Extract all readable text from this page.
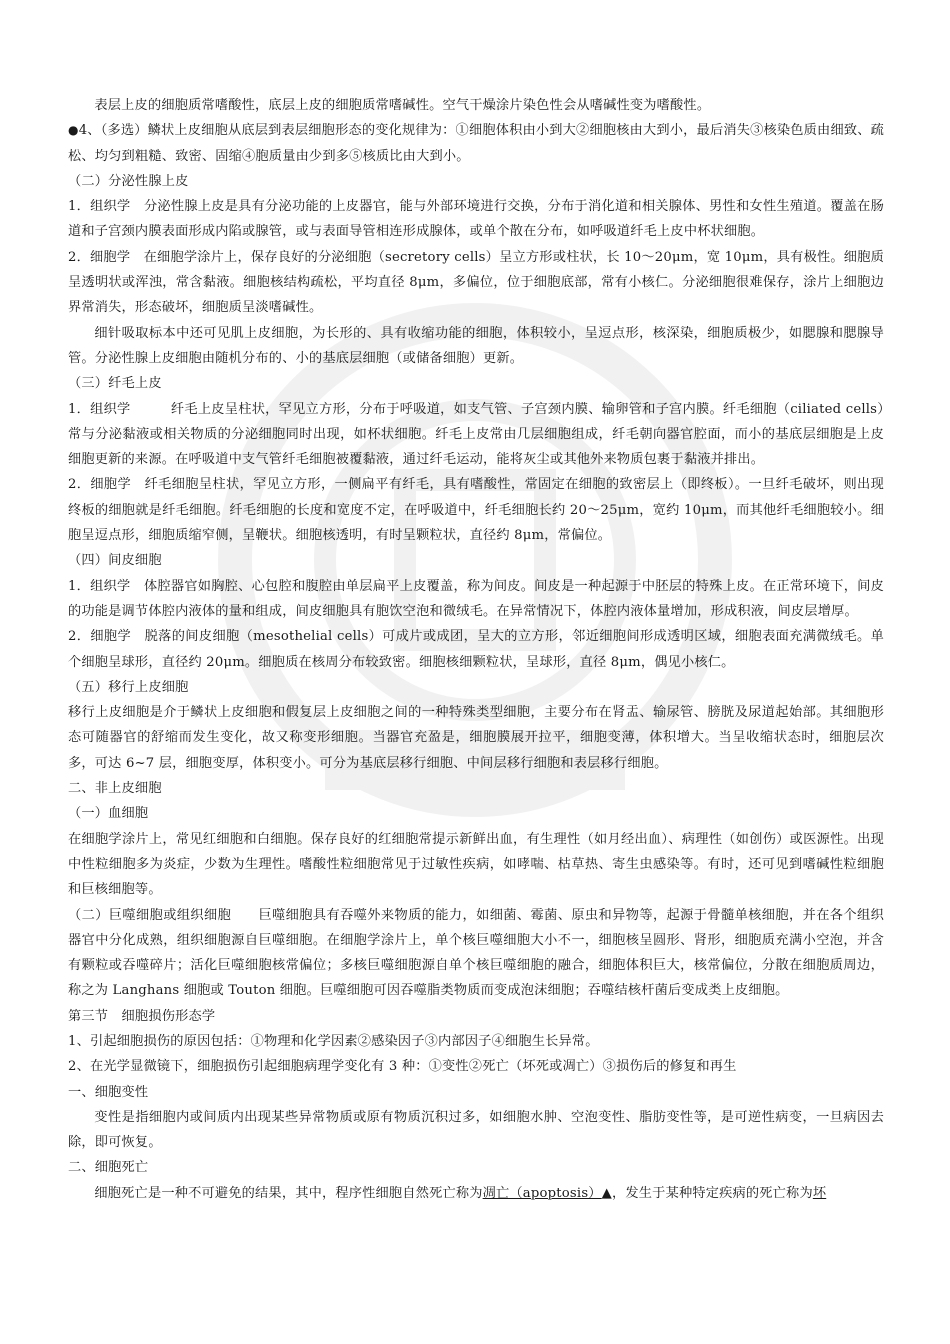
表层上皮的细胞质常嗜酸性，底层上皮的细胞质常嗜碱性。空气干燥涂片染色性会从嗜碱性变为嗜酸性。

●4、（多选）鳞状上皮细胞从底层到表层细胞形态的变化规律为：①细胞体积由小到大②细胞核由大到小，最后消失③核染色质由细致、疏松、均匀到粗糙、致密、固缩④胞质量由少到多⑤核质比由大到小。

（二）分泌性腺上皮

1．组织学　分泌性腺上皮是具有分泌功能的上皮器官，能与外部环境进行交换，分布于消化道和相关腺体、男性和女性生殖道。覆盖在肠道和子宫颈内膜表面形成内陷或腺管，或与表面导管相连形成腺体，或单个散在分布，如呼吸道纤毛上皮中杯状细胞。

2．细胞学　在细胞学涂片上，保存良好的分泌细胞（secretory cells）呈立方形或柱状，长 10～20μm，宽 10μm，具有极性。细胞质呈透明状或浑浊，常含黏液。细胞核结构疏松，平均直径 8μm，多偏位，位于细胞底部，常有小核仁。分泌细胞很难保存，涂片上细胞边界常消失，形态破坏，细胞质呈淡嗜碱性。

细针吸取标本中还可见肌上皮细胞，为长形的、具有收缩功能的细胞，体积较小，呈逗点形，核深染，细胞质极少，如腮腺和腮腺导管。分泌性腺上皮细胞由随机分布的、小的基底层细胞（或储备细胞）更新。

（三）纤毛上皮

1．组织学　　　纤毛上皮呈柱状，罕见立方形，分布于呼吸道，如支气管、子宫颈内膜、输卵管和子宫内膜。纤毛细胞（ciliated cells）常与分泌黏液或相关物质的分泌细胞同时出现，如杯状细胞。纤毛上皮常由几层细胞组成，纤毛朝向器官腔面，而小的基底层细胞是上皮细胞更新的来源。在呼吸道中支气管纤毛细胞被覆黏液，通过纤毛运动，能将灰尘或其他外来物质包裹于黏液并排出。

2．细胞学　纤毛细胞呈柱状，罕见立方形，一侧扁平有纤毛，具有嗜酸性，常固定在细胞的致密层上（即终板）。一旦纤毛破坏，则出现终板的细胞就是纤毛细胞。纤毛细胞的长度和宽度不定，在呼吸道中，纤毛细胞长约 20～25μm，宽约 10μm，而其他纤毛细胞较小。细胞呈逗点形，细胞质缩窄侧，呈鞭状。细胞核透明，有时呈颗粒状，直径约 8μm，常偏位。

（四）间皮细胞

1．组织学　体腔器官如胸腔、心包腔和腹腔由单层扁平上皮覆盖，称为间皮。间皮是一种起源于中胚层的特殊上皮。在正常环境下，间皮的功能是调节体腔内液体的量和组成，间皮细胞具有胞饮空泡和微绒毛。在异常情况下，体腔内液体量增加，形成积液，间皮层增厚。

2．细胞学　脱落的间皮细胞（mesothelial cells）可成片或成团，呈大的立方形，邻近细胞间形成透明区域，细胞表面充满微绒毛。单个细胞呈球形，直径约 20μm。细胞质在核周分布较致密。细胞核细颗粒状，呈球形，直径 8μm，偶见小核仁。

（五）移行上皮细胞

移行上皮细胞是介于鳞状上皮细胞和假复层上皮细胞之间的一种特殊类型细胞，主要分布在肾盂、输尿管、膀胱及尿道起始部。其细胞形态可随器官的舒缩而发生变化，故又称变形细胞。当器官充盈是，细胞膜展开拉平，细胞变薄，体积增大。当呈收缩状态时，细胞层次多，可达 6~7 层，细胞变厚，体积变小。可分为基底层移行细胞、中间层移行细胞和表层移行细胞。

二、非上皮细胞

（一）血细胞

在细胞学涂片上，常见红细胞和白细胞。保存良好的红细胞常提示新鲜出血，有生理性（如月经出血）、病理性（如创伤）或医源性。出现中性粒细胞多为炎症，少数为生理性。嗜酸性粒细胞常见于过敏性疾病，如哮喘、枯草热、寄生虫感染等。有时，还可见到嗜碱性粒细胞和巨核细胞等。

（二）巨噬细胞或组织细胞　　巨噬细胞具有吞噬外来物质的能力，如细菌、霉菌、原虫和异物等，起源于骨髓单核细胞，并在各个组织器官中分化成熟，组织细胞源自巨噬细胞。在细胞学涂片上，单个核巨噬细胞大小不一，细胞核呈圆形、肾形，细胞质充满小空泡，并含有颗粒或吞噬碎片；活化巨噬细胞核常偏位；多核巨噬细胞源自单个核巨噬细胞的融合，细胞体积巨大，核常偏位，分散在细胞质周边，称之为 Langhans 细胞或 Touton 细胞。巨噬细胞可因吞噬脂类物质而变成泡沫细胞；吞噬结核杆菌后变成类上皮细胞。

第三节　细胞损伤形态学

1、引起细胞损伤的原因包括：①物理和化学因素②感染因子③内部因子④细胞生长异常。

2、在光学显微镜下，细胞损伤引起细胞病理学变化有 3 种：①变性②死亡（坏死或凋亡）③损伤后的修复和再生

一、细胞变性

变性是指细胞内或间质内出现某些异常物质或原有物质沉积过多，如细胞水肿、空泡变性、脂肪变性等，是可逆性病变，一旦病因去除，即可恢复。

二、细胞死亡

细胞死亡是一种不可避免的结果，其中，程序性细胞自然死亡称为凋亡（apoptosis）▲，发生于某种特定疾病的死亡称为坏
